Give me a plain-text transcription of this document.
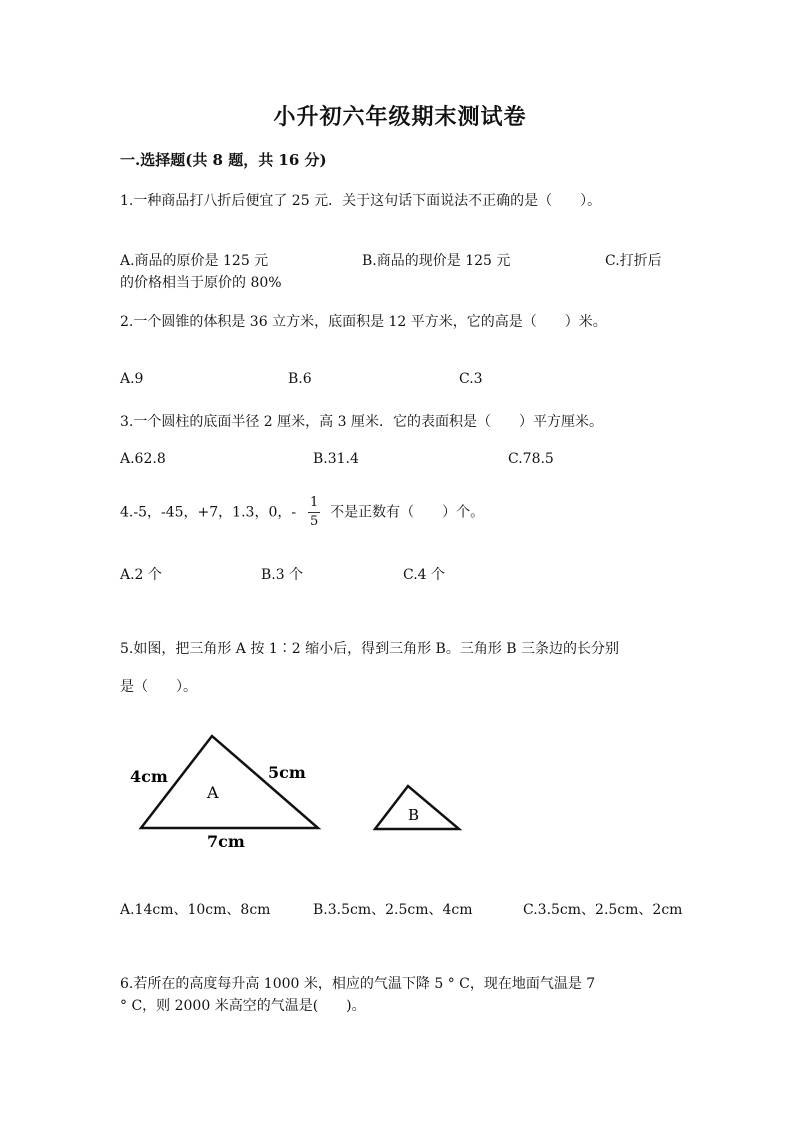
小升初六年级期末测试卷
一.选择题(共 8 题，共 16 分)
1.一种商品打八折后便宜了 25 元．关于这句话下面说法不正确的是（　　）。
A.商品的原价是 125 元	B.商品的现价是 125 元	C.打折后
的价格相当于原价的 80%
2.一个圆锥的体积是 36 立方米，底面积是 12 平方米，它的高是（　　）米。
A.9	B.6	C.3
3.一个圆柱的底面半径 2 厘米，高 3 厘米．它的表面积是（　　）平方厘米。
A.62.8	B.31.4	C.78.5
4.-5，-45，+7，1.3，0，- $\frac{1}{5}$ 不是正数有（　　）个。
A.2 个	B.3 个	C.4 个
5.如图，把三角形 A 按 1∶2 缩小后，得到三角形 B。三角形 B 三条边的长分别
是（　　）。
4cm	5cm
7cm
A
B
A.14cm、10cm、8cm	B.3.5cm、2.5cm、4cm	C.3.5cm、2.5cm、2cm
6.若所在的高度每升高 1000 米，相应的气温下降 5 ° C，现在地面气温是 7
° C，则 2000 米高空的气温是(　　)。
